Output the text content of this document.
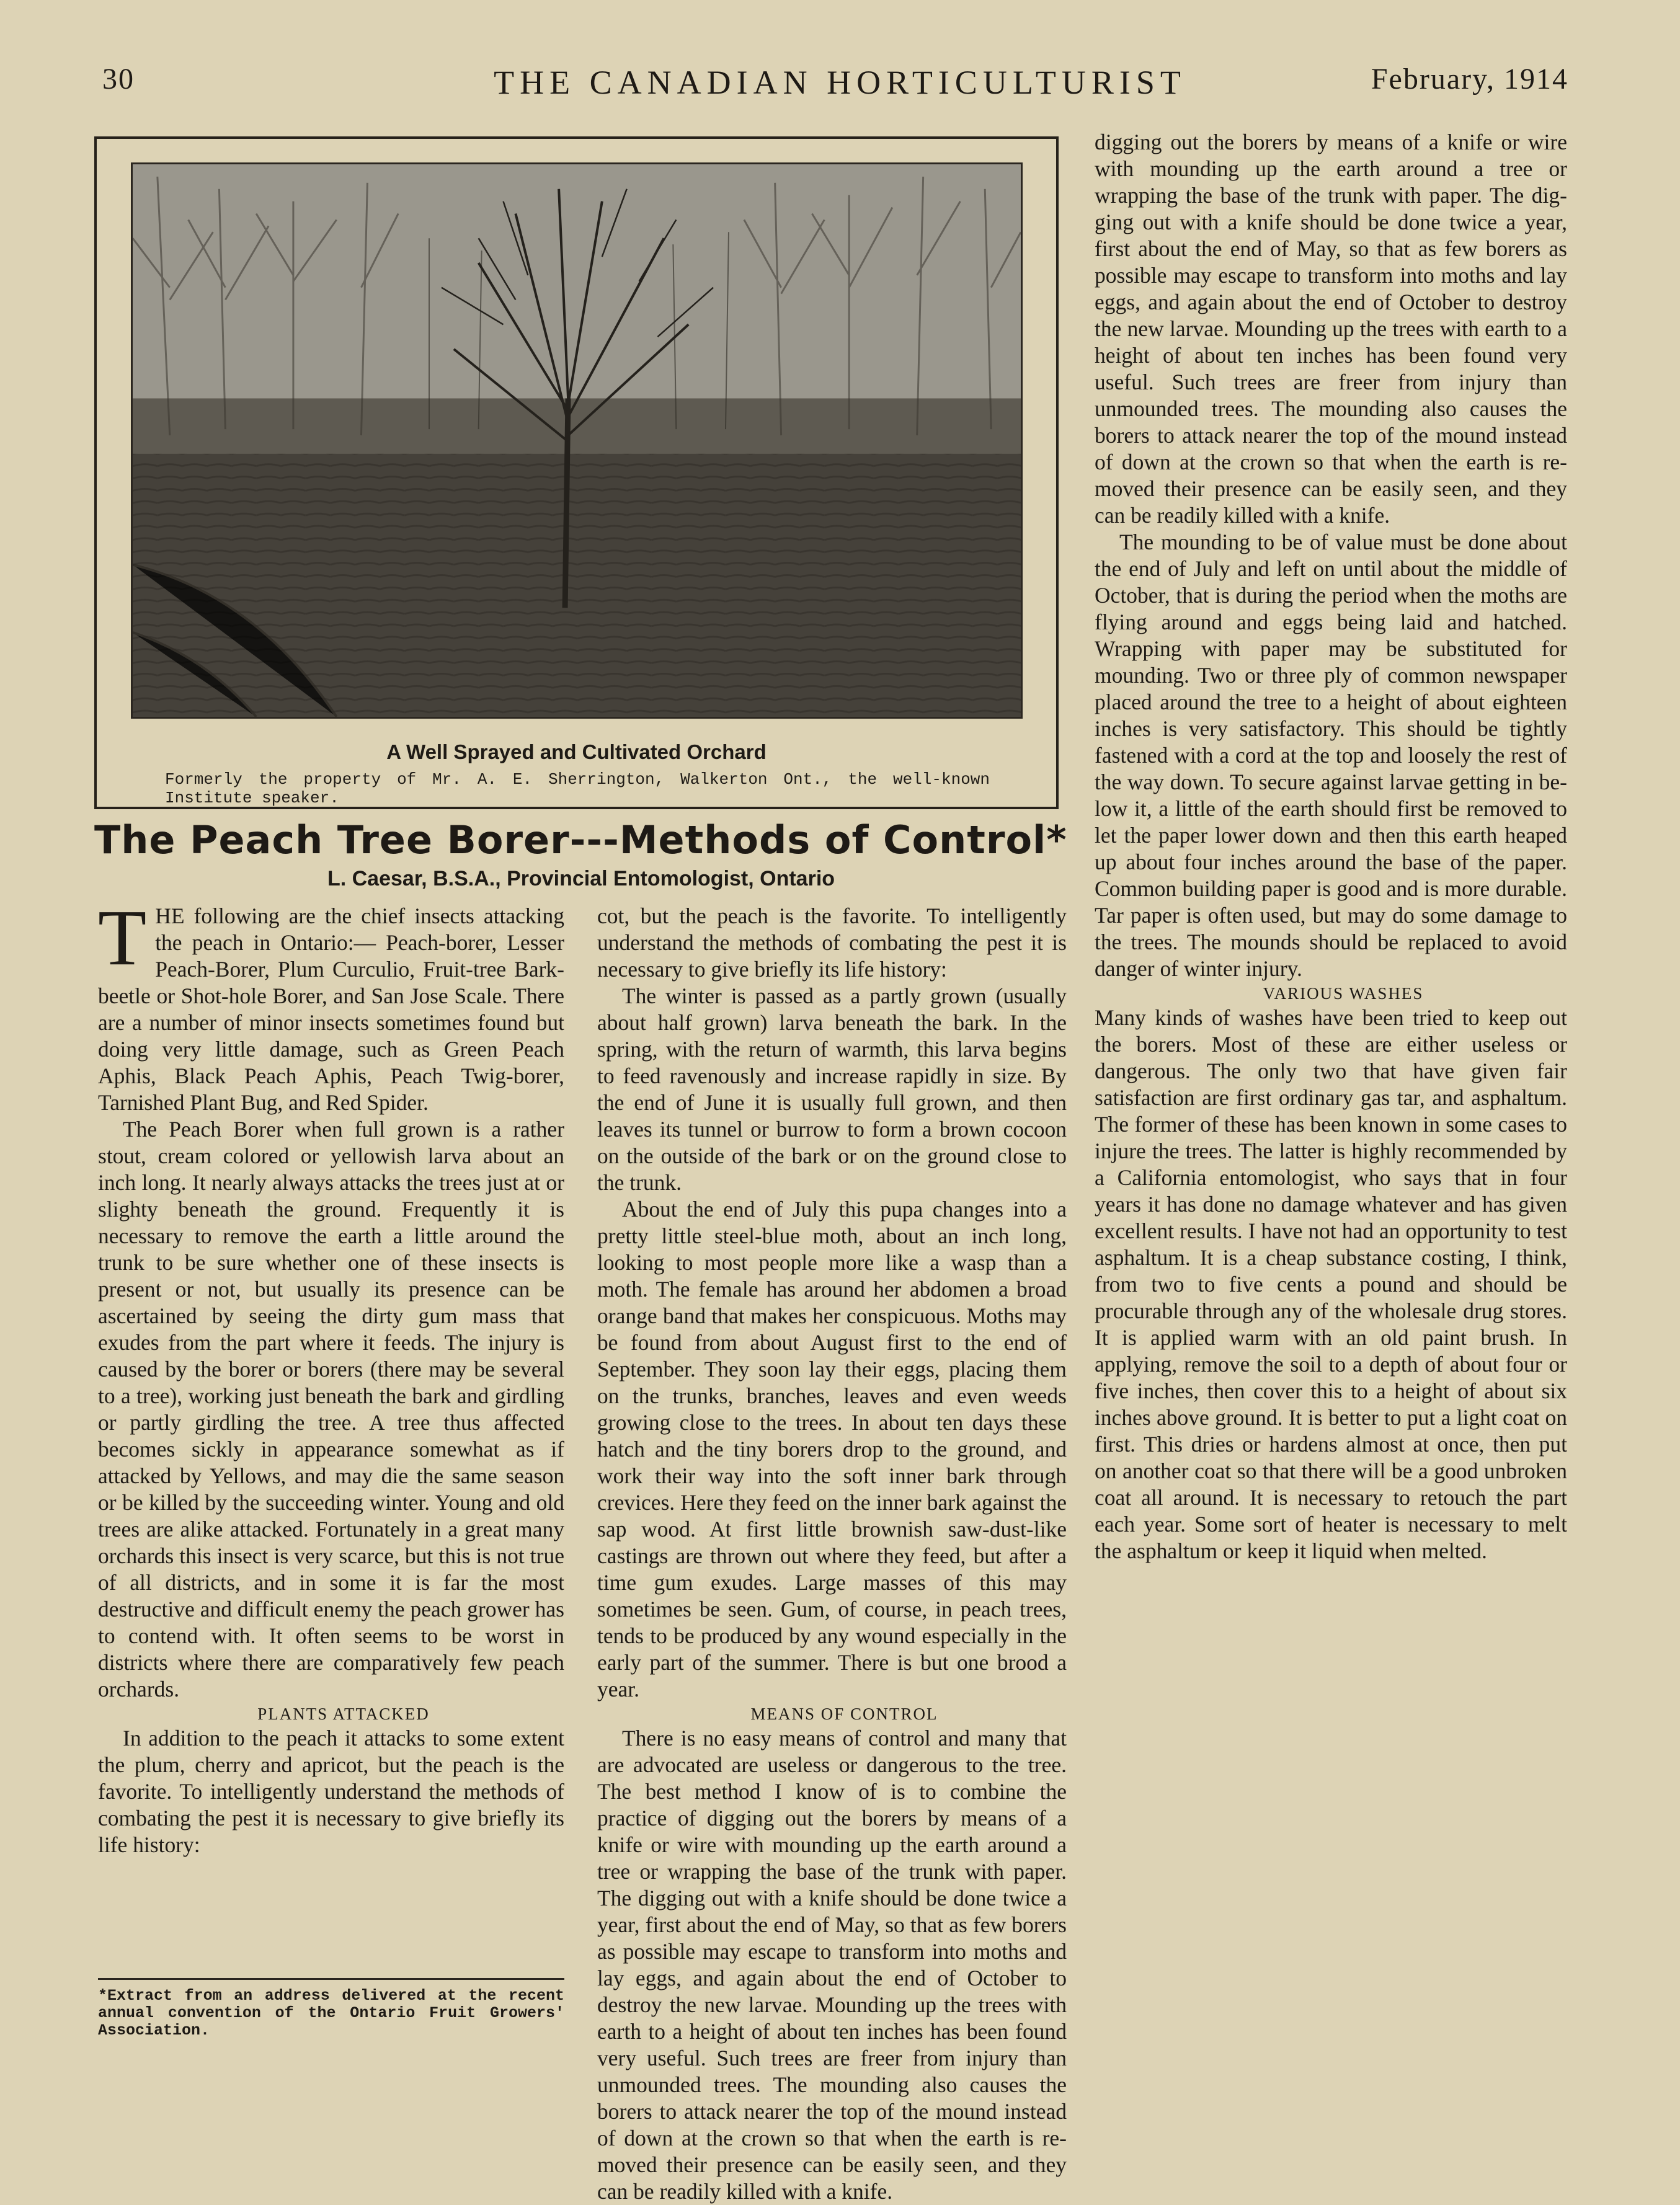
30	THE CANADIAN HORTICULTURIST	February, 1914
A Well Sprayed and Cultivated Orchard
Formerly the property of Mr. A. E. Sherrington, Walkerton Ont., the well-known Institute speaker.
The Peach Tree Borer---Methods of Control*
L. Caesar, B.S.A., Provincial Entomologist, Ontario

THE following are the chief insects attacking the peach in Ontario:— Peach-borer, Lesser Peach-Borer, Plum Curculio, Fruit-tree Bark-beetle or Shot-hole Borer, and San Jose Scale. There are a number of minor insects sometimes found but doing very little damage, such as Green Peach Aphis, Black Peach Aphis, Peach Twig-borer, Tarnished Plant Bug, and Red Spider.

The Peach Borer when full grown is a rather stout, cream colored or yellowish larva about an inch long. It nearly always attacks the trees just at or slighty beneath the ground. Frequently it is necessary to remove the earth a little around the trunk to be sure whether one of these insects is present or not, but usually its presence can be ascertained by seeing the dirty gum mass that exudes from the part where it feeds. The injury is caused by the borer or borers (there may be several to a tree), working just beneath the bark and girdling or partly girdling the tree. A tree thus affected becomes sickly in appearance somewhat as if attacked by Yellows, and may die the same season or be killed by the succeeding winter. Young and old trees are alike attacked. Fortunately in a great many orchards this insect is very scarce, but this is not true of all districts, and in some it is far the most destructive and difficult enemy the peach grower has to contend with. It often seems to be worst in districts where there are comparatively few peach orchards.

PLANTS ATTACKED

In addition to the peach it attacks to some extent the plum, cherry and apricot, but the peach is the favorite. To intelligently understand the methods of combating the pest it is necessary to give briefly its life history:

*Extract from an address delivered at the recent annual convention of the Ontario Fruit Growers' Association.

cot, but the peach is the favorite. To intelligently understand the methods of combating the pest it is necessary to give briefly its life history:

The winter is passed as a partly grown (usually about half grown) larva beneath the bark. In the spring, with the return of warmth, this larva begins to feed ravenously and increase rapidly in size. By the end of June it is usually full grown, and then leaves its tunnel or burrow to form a brown cocoon on the outside of the bark or on the ground close to the trunk.

About the end of July this pupa changes into a pretty little steel-blue moth, about an inch long, looking to most people more like a wasp than a moth. The female has around her abdomen a broad orange band that makes her conspicuous. Moths may be found from about August first to the end of September. They soon lay their eggs, placing them on the trunks, branches, leaves and even weeds growing close to the trees. In about ten days these hatch and the tiny borers drop to the ground, and work their way into the soft inner bark through crevices. Here they feed on the inner bark against the sap wood. At first little brownish saw-dust-like castings are thrown out where they feed, but after a time gum exudes. Large masses of this may sometimes be seen. Gum, of course, in peach trees, tends to be produced by any wound especially in the early part of the summer. There is but one brood a year.

MEANS OF CONTROL

There is no easy means of control and many that are advocated are useless or dangerous to the tree. The best method I know of is to combine the practice of digging out the borers by means of a knife or wire with mounding up the earth around a tree or wrapping the base of the trunk with paper. The digging out with a knife should be done twice a year, first about the end of May, so that as few borers as possible may escape to transform into moths and lay eggs, and again about the end of October to destroy the new larvae. Mounding up the trees with earth to a height of about ten inches has been found very useful. Such trees are freer from injury than unmounded trees. The mounding also causes the borers to attack nearer the top of the mound instead of down at the crown so that when the earth is removed their presence can be easily seen, and they can be readily killed with a knife.

digging out the borers by means of a knife or wire with mounding up the earth around a tree or wrapping the base of the trunk with paper. The digging out with a knife should be done twice a year, first about the end of May, so that as few borers as possible may escape to transform into moths and lay eggs, and again about the end of October to destroy the new larvae. Mounding up the trees with earth to a height of about ten inches has been found very useful. Such trees are freer from injury than unmounded trees. The mounding also causes the borers to attack nearer the top of the mound instead of down at the crown so that when the earth is removed their presence can be easily seen, and they can be readily killed with a knife.

The mounding to be of value must be done about the end of July and left on until about the middle of October, that is during the period when the moths are flying around and eggs being laid and hatched. Wrapping with paper may be substituted for mounding. Two or three ply of common newspaper placed around the tree to a height of about eighteen inches is very satisfactory. This should be tightly fastened with a cord at the top and loosely the rest of the way down. To secure against larvae getting in below it, a little of the earth should first be removed to let the paper lower down and then this earth heaped up about four inches around the base of the paper. Common building paper is good and is more durable. Tar paper is often used, but may do some damage to the trees. The mounds should be replaced to avoid danger of winter injury.

VARIOUS WASHES

Many kinds of washes have been tried to keep out the borers. Most of these are either useless or dangerous. The only two that have given fair satisfaction are first ordinary gas tar, and asphaltum. The former of these has been known in some cases to injure the trees. The latter is highly recommended by a California entomologist, who says that in four years it has done no damage whatever and has given excellent results. I have not had an opportunity to test asphaltum. It is a cheap substance costing, I think, from two to five cents a pound and should be procurable through any of the wholesale drug stores. It is applied warm with an old paint brush. In applying, remove the soil to a depth of about four or five inches, then cover this to a height of about six inches above ground. It is better to put a light coat on first. This dries or hardens almost at once, then put on another coat so that there will be a good unbroken coat all around. It is necessary to retouch the part each year. Some sort of heater is necessary to melt the asphaltum or keep it liquid when melted.
